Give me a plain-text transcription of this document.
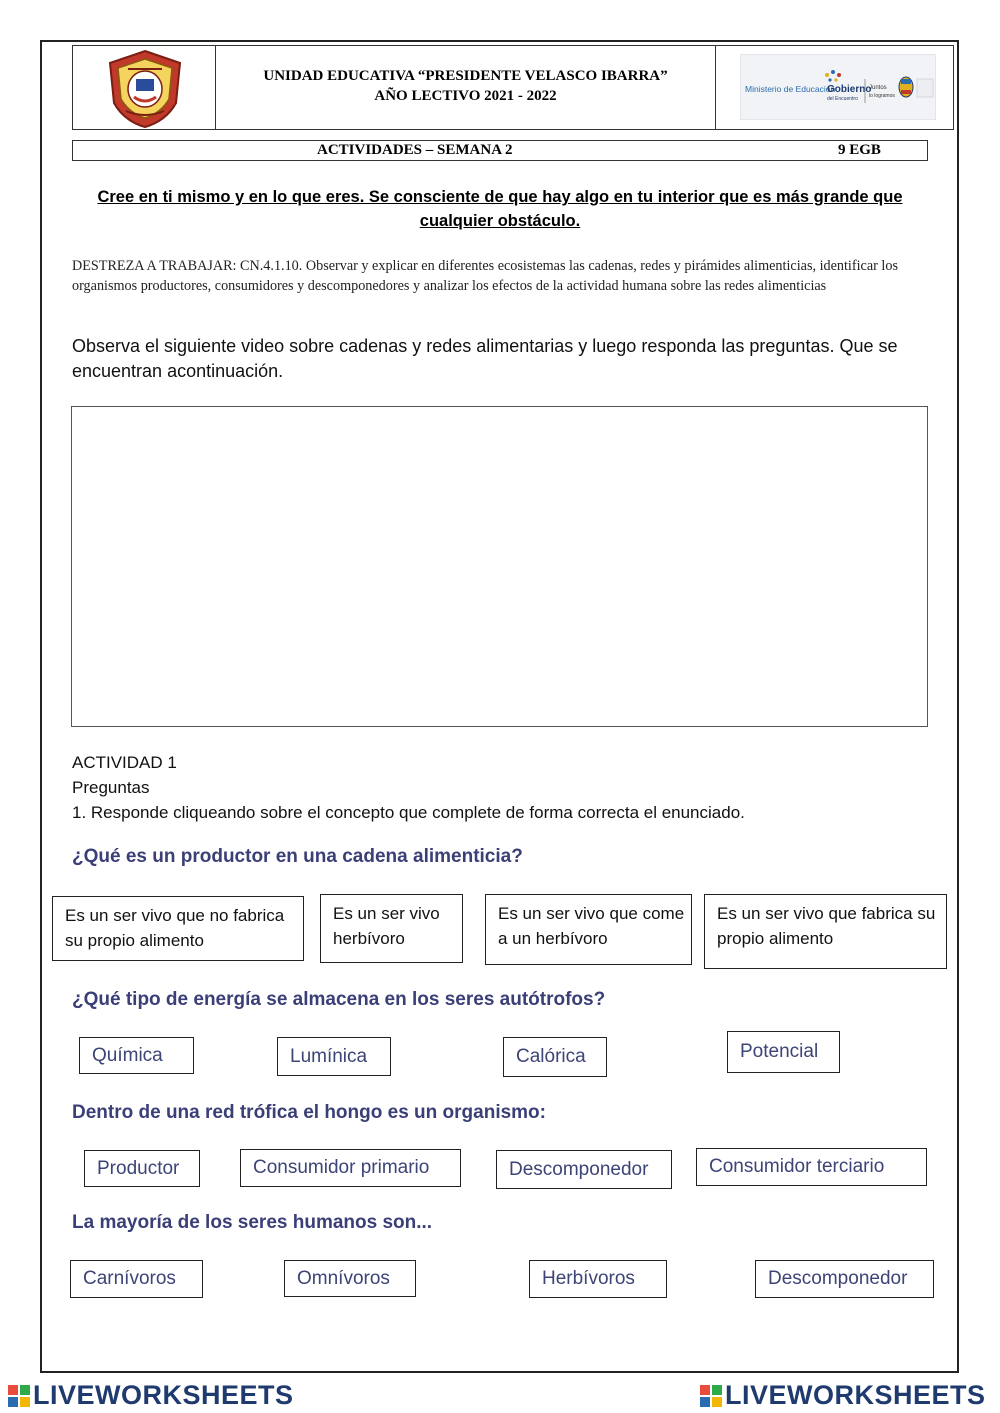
UNIDAD EDUCATIVA “PRESIDENTE VELASCO IBARRA”
AÑO LECTIVO 2021 - 2022	Ministerio de Educación
Gobierno
del Encuentro
Juntos
lo logramos
ACTIVIDADES – SEMANA 2	9 EGB
Cree en ti mismo y en lo que eres. Se consciente de que hay algo en tu interior que es más grande que cualquier obstáculo.
DESTREZA A TRABAJAR: CN.4.1.10. Observar y explicar en diferentes ecosistemas las cadenas, redes y pirámides alimenticias, identificar los organismos productores, consumidores y descomponedores y analizar los efectos de la actividad humana sobre las redes alimenticias
Observa el siguiente video sobre cadenas y redes alimentarias y luego responda las preguntas. Que se encuentran acontinuación.
ACTIVIDAD 1
Preguntas
1. Responde cliqueando sobre el concepto que complete de forma correcta el enunciado.
¿Qué es un productor en una cadena alimenticia?
Es un ser vivo que no fabrica su propio alimento
Es un ser vivo herbívoro
Es un ser vivo que come a un herbívoro
Es un ser vivo que fabrica su propio alimento
¿Qué tipo de energía se almacena en los seres autótrofos?
Química	Lumínica	Calórica	Potencial
Dentro de una red trófica el hongo es un organismo:
Productor	Consumidor primario	Descomponedor	Consumidor terciario
La mayoría de los seres humanos son...
Carnívoros	Omnívoros	Herbívoros	Descomponedor
LIVEWORKSHEETS	LIVEWORKSHEETS
